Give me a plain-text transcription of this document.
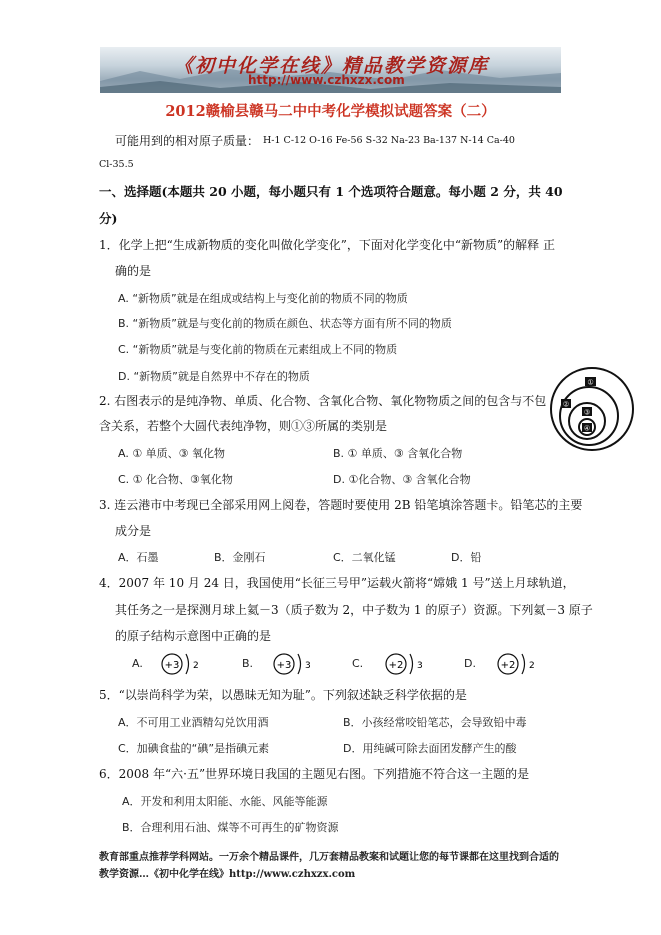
《初中化学在线》精品教学资源库
http://www.czhxzx.com
2012赣榆县赣马二中中考化学模拟试题答案（二）
可能用到的相对原子质量： H-1 C-12 O-16 Fe-56 S-32 Na-23 Ba-137 N-14 Ca-40
Cl-35.5
一、选择题(本题共 20 小题，每小题只有 1 个选项符合题意。每小题 2 分，共 40
分)
1．化学上把“生成新物质的变化叫做化学变化”，下面对化学变化中“新物质”的解释 正
确的是
A. “新物质”就是在组成或结构上与变化前的物质不同的物质
B. “新物质”就是与变化前的物质在颜色、状态等方面有所不同的物质
C. “新物质”就是与变化前的物质在元素组成上不同的物质
D. “新物质”就是自然界中不存在的物质
2. 右图表示的是纯净物、单质、化合物、含氧化合物、氧化物物质之间的包含与不包
含关系，若整个大圆代表纯净物，则①③所属的类别是
A. ① 单质、③ 氧化物	B. ① 单质、③ 含氧化合物
C. ① 化合物、③氧化物	D. ①化合物、③ 含氧化合物
①
②
③
④
3. 连云港市中考现已全部采用网上阅卷，答题时要使用 2B 铅笔填涂答题卡。铅笔芯的主要
成分是
A．石墨	B．金刚石	C．二氧化锰	D．铅
4．2007 年 10 月 24 日，我国使用“长征三号甲”运载火箭将“嫦娥 1 号”送上月球轨道，
其任务之一是探测月球上氦－3（质子数为 2，中子数为 1 的原子）资源。下列氦－3 原子
的原子结构示意图中正确的是
A. +3 2	B. +3 3	C.	+2 3	D. +2 2
5．“以崇尚科学为荣，以愚昧无知为耻”。下列叙述缺乏科学依据的是
A．不可用工业酒精勾兑饮用酒	B．小孩经常咬铅笔芯，会导致铅中毒
C．加碘食盐的“碘”是指碘元素	D．用纯碱可除去面团发酵产生的酸
6．2008 年“六·五”世界环境日我国的主题见右图。下列措施不符合这一主题的是
A．开发和利用太阳能、水能、风能等能源
B．合理利用石油、煤等不可再生的矿物资源
教育部重点推荐学科网站。一万余个精品课件，几万套精品教案和试题让您的每节课都在这里找到合适的
教学资源…《初中化学在线》http://www.czhxzx.com
